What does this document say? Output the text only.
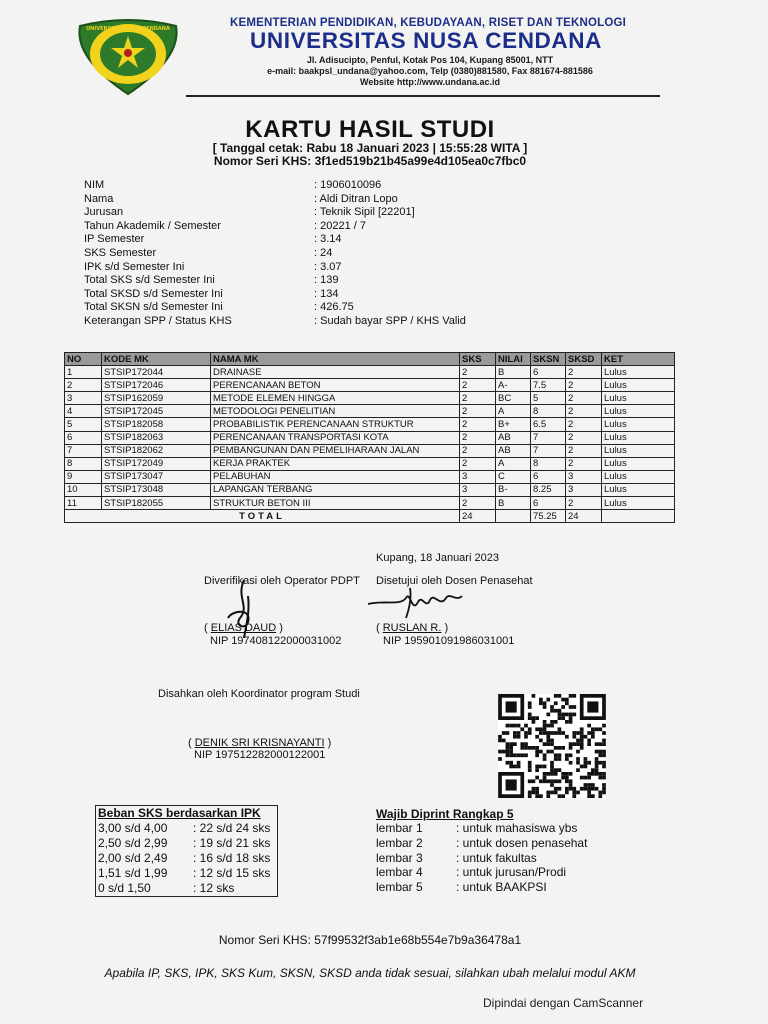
UNIVERSITAS NUSA CENDANA	KEMENTERIAN PENDIDIKAN, KEBUDAYAAN, RISET DAN TEKNOLOGI
UNIVERSITAS NUSA CENDANA
Jl. Adisucipto, Penful, Kotak Pos 104, Kupang 85001, NTT
e-mail: baakpsl_undana@yahoo.com, Telp (0380)881580, Fax 881674-881586
Website http://www.undana.ac.id
KARTU HASIL STUDI
[ Tanggal cetak: Rabu 18 Januari 2023 | 15:55:28 WITA ]
Nomor Seri KHS: 3f1ed519b21b45a99e4d105ea0c7fbc0
NIM	: 1906010096
Nama	: Aldi Ditran Lopo
Jurusan	: Teknik Sipil [22201]
Tahun Akademik / Semester	: 20221 / 7
IP Semester	: 3.14
SKS Semester	: 24
IPK s/d Semester Ini	: 3.07
Total SKS s/d Semester Ini	: 139
Total SKSD s/d Semester Ini	: 134
Total SKSN s/d Semester Ini	: 426.75
Keterangan SPP / Status KHS	: Sudah bayar SPP / KHS Valid
NO	KODE MK	NAMA MK	SKS	NILAI	SKSN	SKSD	KET
1	STSIP172044	DRAINASE	2	B	6	2	Lulus
2	STSIP172046	PERENCANAAN BETON	2	A-	7.5	2	Lulus
3	STSIP162059	METODE ELEMEN HINGGA	2	BC	5	2	Lulus
4	STSIP172045	METODOLOGI PENELITIAN	2	A	8	2	Lulus
5	STSIP182058	PROBABILISTIK PERENCANAAN STRUKTUR	2	B+	6.5	2	Lulus
6	STSIP182063	PERENCANAAN TRANSPORTASI KOTA	2	AB	7	2	Lulus
7	STSIP182062	PEMBANGUNAN DAN PEMELIHARAAN JALAN	2	AB	7	2	Lulus
8	STSIP172049	KERJA PRAKTEK	2	A	8	2	Lulus
9	STSIP173047	PELABUHAN	3	C	6	3	Lulus
10	STSIP173048	LAPANGAN TERBANG	3	B-	8.25	3	Lulus
11	STSIP182055	STRUKTUR BETON III	2	B	6	2	Lulus
TOTAL			24		75.25	24	
Kupang, 18 Januari 2023
Diverifikasi oleh Operator PDPT Disetujui oleh Dosen Penasehat
( ELIAS DAUD )
NIP 197408122000031002
( RUSLAN R. )
NIP 195901091986031001
Disahkan oleh Koordinator program Studi
( DENIK SRI KRISNAYANTI )
NIP 197512282000122001
Beban SKS berdasarkan IPK
3,00 s/d 4,00 : 22 s/d 24 sks
2,50 s/d 2,99 : 19 s/d 21 sks
2,00 s/d 2,49 : 16 s/d 18 sks
1,51 s/d 1,99 : 12 s/d 15 sks
0 s/d 1,50	: 12 sks
Wajib Diprint Rangkap 5
lembar 1	: untuk mahasiswa ybs
lembar 2	: untuk dosen penasehat
lembar 3	: untuk fakultas
lembar 4	: untuk jurusan/Prodi
lembar 5	: untuk BAAKPSI
Nomor Seri KHS: 57f99532f3ab1e68b554e7b9a36478a1
Apabila IP, SKS, IPK, SKS Kum, SKSN, SKSD anda tidak sesuai, silahkan ubah melalui modul AKM
Dipindai dengan CamScanner
